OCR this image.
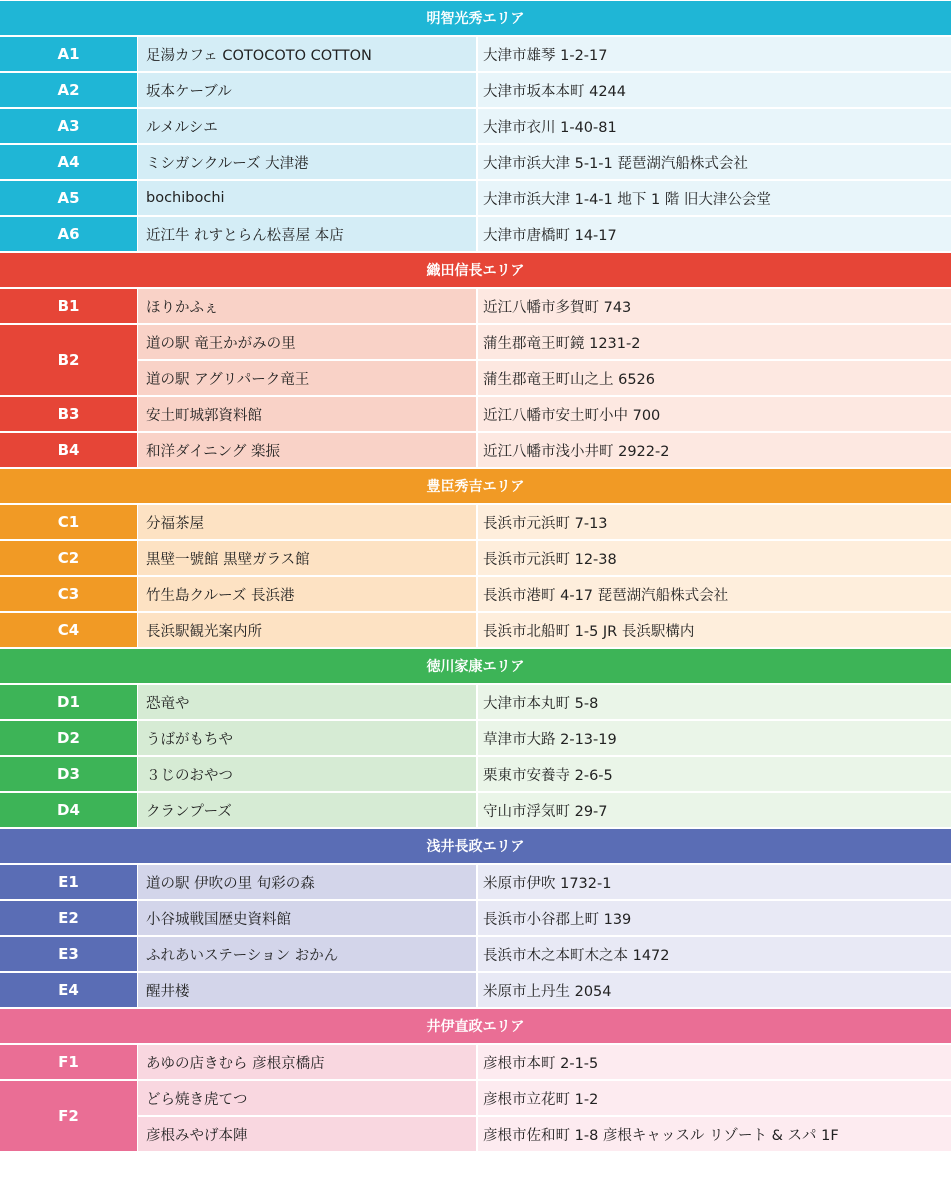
明智光秀エリア
A1	足湯カフェ COTOCOTO COTTON	大津市雄琴 1-2-17
A2	坂本ケーブル	大津市坂本本町 4244
A3	ルメルシエ	大津市衣川 1-40-81
A4	ミシガンクルーズ 大津港	大津市浜大津 5-1-1 琵琶湖汽船株式会社
A5	bochibochi	大津市浜大津 1-4-1 地下 1 階 旧大津公会堂
A6	近江牛 れすとらん松喜屋 本店	大津市唐橋町 14-17
織田信長エリア
B1	ほりかふぇ	近江八幡市多賀町 743
B2
道の駅 竜王かがみの里	蒲生郡竜王町鏡 1231-2
道の駅 アグリパーク竜王	蒲生郡竜王町山之上 6526
B3	安土町城郭資料館	近江八幡市安土町小中 700
B4	和洋ダイニング 楽振	近江八幡市浅小井町 2922-2
豊臣秀吉エリア
C1	分福茶屋	長浜市元浜町 7-13
C2	黒壁一號館 黒壁ガラス館	長浜市元浜町 12-38
C3	竹生島クルーズ 長浜港	長浜市港町 4-17 琵琶湖汽船株式会社
C4	長浜駅観光案内所	長浜市北船町 1-5 JR 長浜駅構内
徳川家康エリア
D1	恐竜や	大津市本丸町 5-8
D2	うばがもちや	草津市大路 2-13-19
D3	３じのおやつ	栗東市安養寺 2-6-5
D4	クランプーズ	守山市浮気町 29-7
浅井長政エリア
E1	道の駅 伊吹の里 旬彩の森	米原市伊吹 1732-1
E2	小谷城戦国歴史資料館	長浜市小谷郡上町 139
E3	ふれあいステーション おかん	長浜市木之本町木之本 1472
E4	醒井楼	米原市上丹生 2054
井伊直政エリア
F1	あゆの店きむら 彦根京橋店	彦根市本町 2-1-5
F2
どら焼き虎てつ	彦根市立花町 1-2
彦根みやげ本陣	彦根市佐和町 1-8 彦根キャッスル リゾート & スパ 1F
